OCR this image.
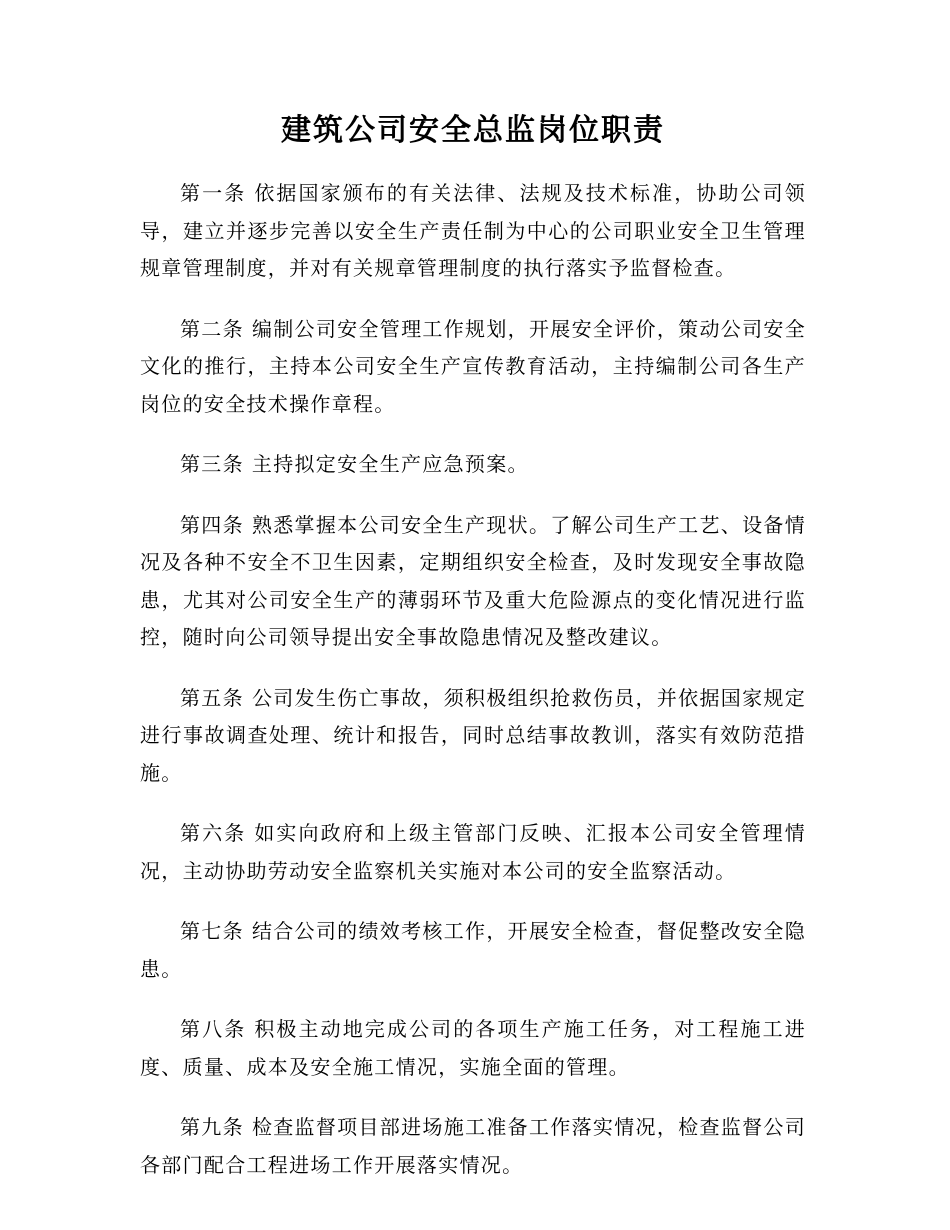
建筑公司安全总监岗位职责

第一条 依据国家颁布的有关法律、法规及技术标准，协助公司领导，建立并逐步完善以安全生产责任制为中心的公司职业安全卫生管理规章管理制度，并对有关规章管理制度的执行落实予监督检查。

第二条 编制公司安全管理工作规划，开展安全评价，策动公司安全文化的推行，主持本公司安全生产宣传教育活动，主持编制公司各生产岗位的安全技术操作章程。

第三条 主持拟定安全生产应急预案。

第四条 熟悉掌握本公司安全生产现状。了解公司生产工艺、设备情况及各种不安全不卫生因素，定期组织安全检查，及时发现安全事故隐患，尤其对公司安全生产的薄弱环节及重大危险源点的变化情况进行监控，随时向公司领导提出安全事故隐患情况及整改建议。

第五条 公司发生伤亡事故，须积极组织抢救伤员，并依据国家规定进行事故调查处理、统计和报告，同时总结事故教训，落实有效防范措施。

第六条 如实向政府和上级主管部门反映、汇报本公司安全管理情况，主动协助劳动安全监察机关实施对本公司的安全监察活动。

第七条 结合公司的绩效考核工作，开展安全检查，督促整改安全隐患。

第八条 积极主动地完成公司的各项生产施工任务，对工程施工进度、质量、成本及安全施工情况，实施全面的管理。

第九条 检查监督项目部进场施工准备工作落实情况，检查监督公司各部门配合工程进场工作开展落实情况。
